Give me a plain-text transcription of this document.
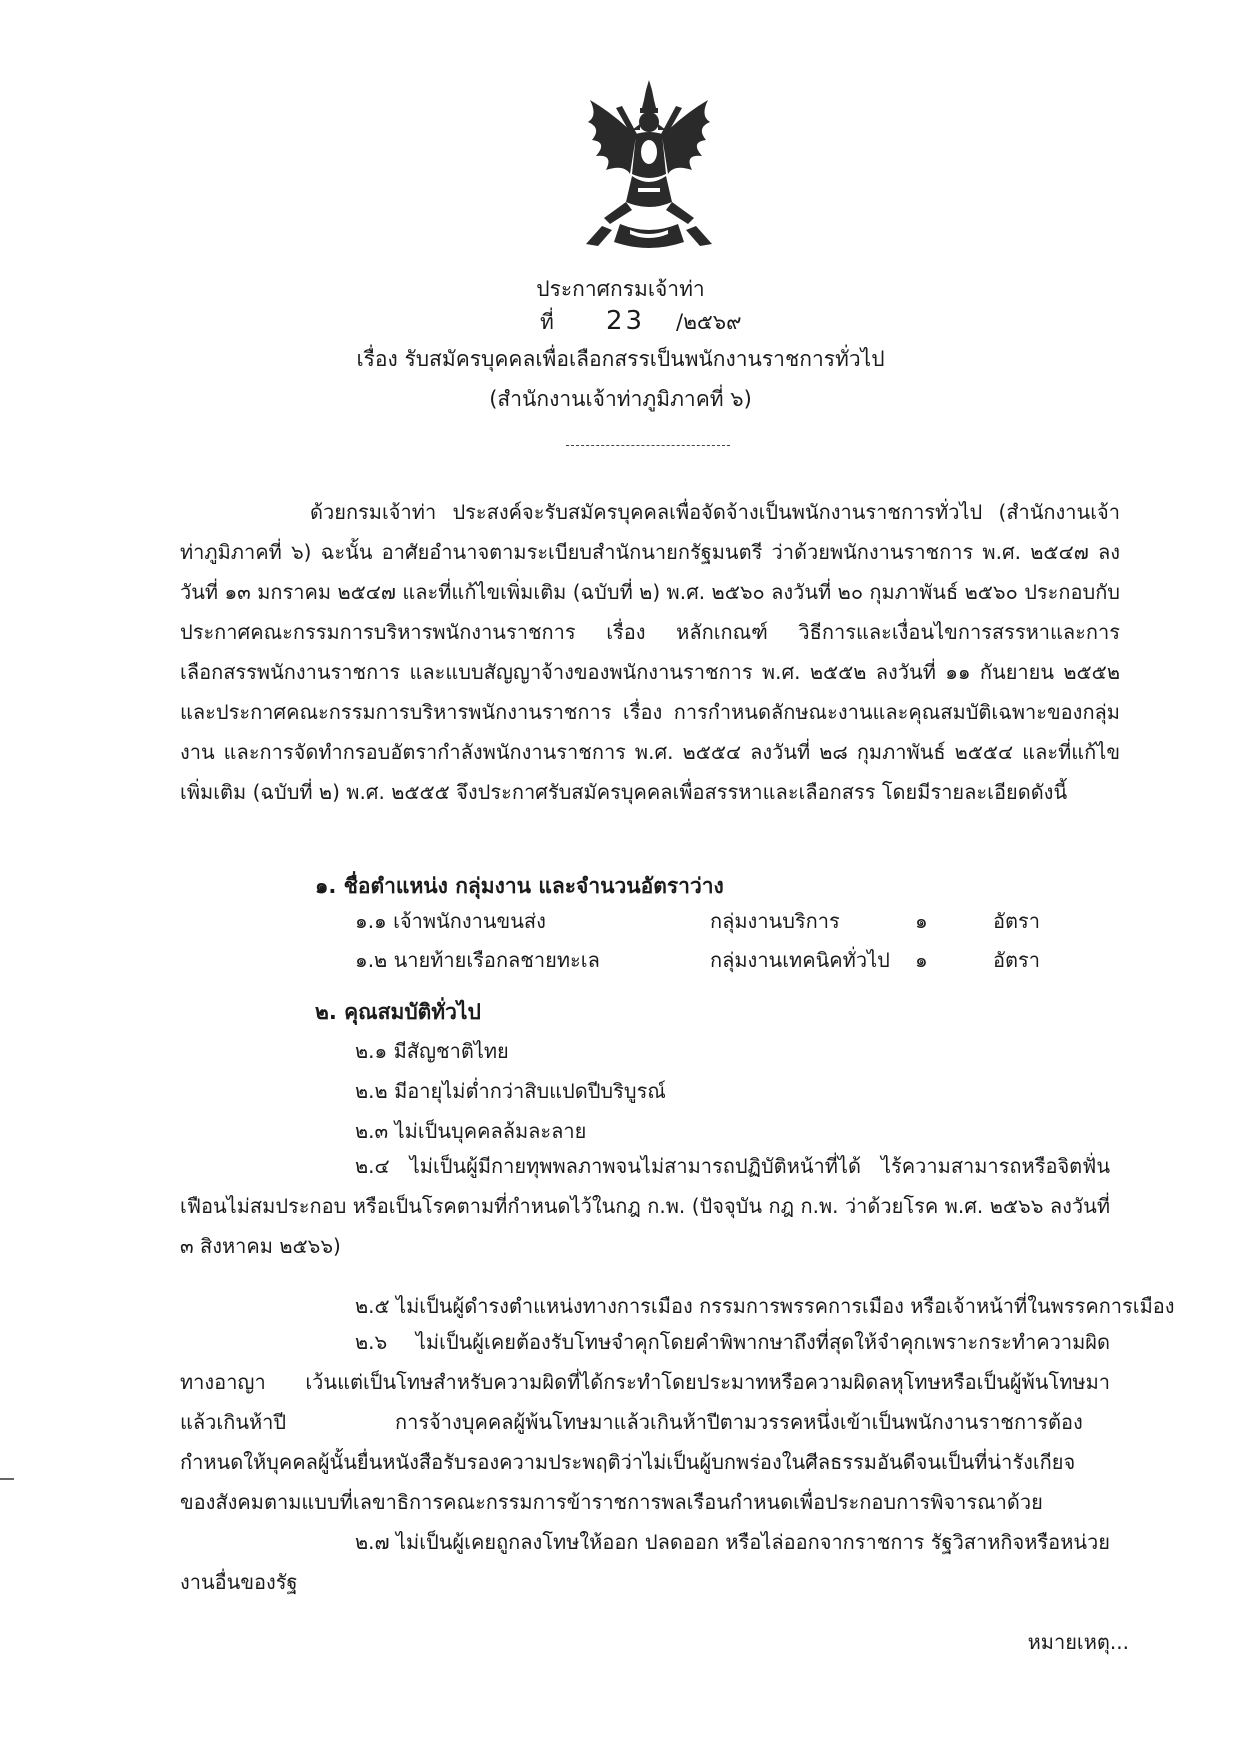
ประกาศกรมเจ้าท่า
ที่ 23 /๒๕๖๙
เรื่อง รับสมัครบุคคลเพื่อเลือกสรรเป็นพนักงานราชการทั่วไป
(สำนักงานเจ้าท่าภูมิภาคที่ ๖)
ด้วยกรมเจ้าท่า ประสงค์จะรับสมัครบุคคลเพื่อจัดจ้างเป็นพนักงานราชการทั่วไป (สำนักงานเจ้าท่าภูมิภาคที่ ๖) ฉะนั้น อาศัยอำนาจตามระเบียบสำนักนายกรัฐมนตรี ว่าด้วยพนักงานราชการ พ.ศ. ๒๕๔๗ ลงวันที่ ๑๓ มกราคม ๒๕๔๗ และที่แก้ไขเพิ่มเติม (ฉบับที่ ๒) พ.ศ. ๒๕๖๐ ลงวันที่ ๒๐ กุมภาพันธ์ ๒๕๖๐ ประกอบกับประกาศคณะกรรมการบริหารพนักงานราชการ เรื่อง หลักเกณฑ์ วิธีการและเงื่อนไขการสรรหาและการเลือกสรรพนักงานราชการ และแบบสัญญาจ้างของพนักงานราชการ พ.ศ. ๒๕๕๒ ลงวันที่ ๑๑ กันยายน ๒๕๕๒ และประกาศคณะกรรมการบริหารพนักงานราชการ เรื่อง การกำหนดลักษณะงานและคุณสมบัติเฉพาะของกลุ่มงาน และการจัดทำกรอบอัตรากำลังพนักงานราชการ พ.ศ. ๒๕๕๔ ลงวันที่ ๒๘ กุมภาพันธ์ ๒๕๕๔ และที่แก้ไขเพิ่มเติม (ฉบับที่ ๒) พ.ศ. ๒๕๕๕ จึงประกาศรับสมัครบุคคลเพื่อสรรหาและเลือกสรร โดยมีรายละเอียดดังนี้
๑. ชื่อตำแหน่ง กลุ่มงาน และจำนวนอัตราว่าง
๑.๑ เจ้าพนักงานขนส่ง	กลุ่มงานบริการ	๑	อัตรา
๑.๒ นายท้ายเรือกลชายทะเล	กลุ่มงานเทคนิคทั่วไป ๑	อัตรา
๒. คุณสมบัติทั่วไป
๒.๑ มีสัญชาติไทย
๒.๒ มีอายุไม่ต่ำกว่าสิบแปดปีบริบูรณ์
๒.๓ ไม่เป็นบุคคลล้มละลาย
๒.๔ ไม่เป็นผู้มีกายทุพพลภาพจนไม่สามารถปฏิบัติหน้าที่ได้ ไร้ความสามารถหรือจิตฟั่นเฟือนไม่สมประกอบ หรือเป็นโรคตามที่กำหนดไว้ในกฎ ก.พ. (ปัจจุบัน กฎ ก.พ. ว่าด้วยโรค พ.ศ. ๒๕๖๖ ลงวันที่ ๓ สิงหาคม ๒๕๖๖)
๒.๕ ไม่เป็นผู้ดำรงตำแหน่งทางการเมือง กรรมการพรรคการเมือง หรือเจ้าหน้าที่ในพรรคการเมือง
๒.๖ ไม่เป็นผู้เคยต้องรับโทษจำคุกโดยคำพิพากษาถึงที่สุดให้จำคุกเพราะกระทำความผิดทางอาญา เว้นแต่เป็นโทษสำหรับความผิดที่ได้กระทำโดยประมาทหรือความผิดลหุโทษหรือเป็นผู้พ้นโทษมาแล้วเกินห้าปี	การจ้างบุคคลผู้พ้นโทษมาแล้วเกินห้าปีตามวรรคหนึ่งเข้าเป็นพนักงานราชการต้องกำหนดให้บุคคลผู้นั้นยื่นหนังสือรับรองความประพฤติว่าไม่เป็นผู้บกพร่องในศีลธรรมอันดีจนเป็นที่น่ารังเกียจของสังคมตามแบบที่เลขาธิการคณะกรรมการข้าราชการพลเรือนกำหนดเพื่อประกอบการพิจารณาด้วย
๒.๗ ไม่เป็นผู้เคยถูกลงโทษให้ออก ปลดออก หรือไล่ออกจากราชการ รัฐวิสาหกิจหรือหน่วยงานอื่นของรัฐ
หมายเหตุ...
